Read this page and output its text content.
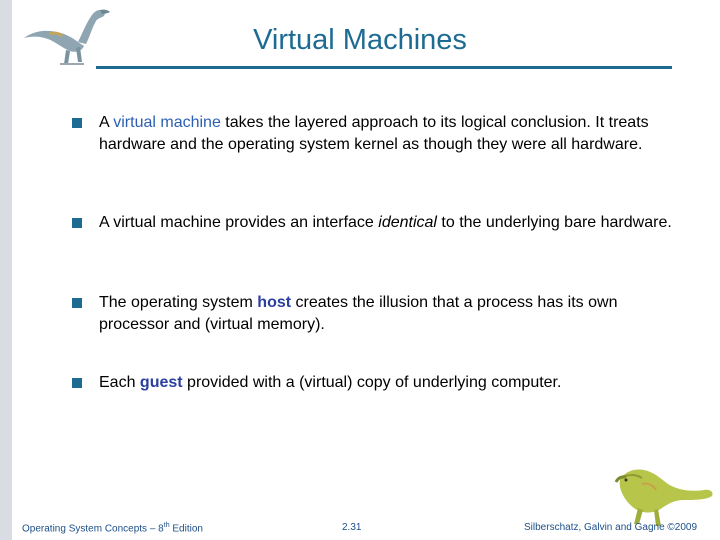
Virtual Machines
A virtual machine takes the layered approach to its logical conclusion. It treats hardware and the operating system kernel as though they were all hardware.
A virtual machine provides an interface identical to the underlying bare hardware.
The operating system host creates the illusion that a process has its own processor and (virtual memory).
Each guest provided with a (virtual) copy of underlying computer.
Operating System Concepts – 8th Edition	2.31	Silberschatz, Galvin and Gagne ©2009
